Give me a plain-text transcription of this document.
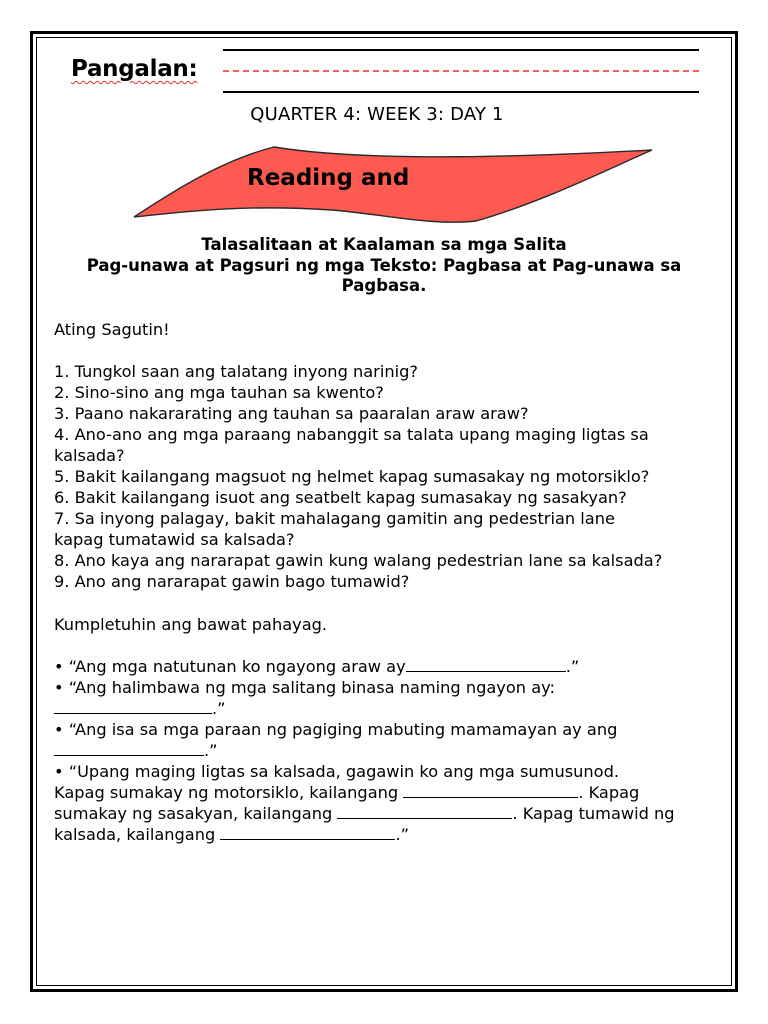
Pangalan:
QUARTER 4: WEEK 3: DAY 1
Reading and
Talasalitaan at Kaalaman sa mga Salita
Pag-unawa at Pagsuri ng mga Teksto: Pagbasa at Pag-unawa sa
Pagbasa.
Ating Sagutin!
1. Tungkol saan ang talatang inyong narinig?
2. Sino-sino ang mga tauhan sa kwento?
3. Paano nakararating ang tauhan sa paaralan araw araw?
4. Ano-ano ang mga paraang nabanggit sa talata upang maging ligtas sa
kalsada?
5. Bakit kailangang magsuot ng helmet kapag sumasakay ng motorsiklo?
6. Bakit kailangang isuot ang seatbelt kapag sumasakay ng sasakyan?
7. Sa inyong palagay, bakit mahalagang gamitin ang pedestrian lane
kapag tumatawid sa kalsada?
8. Ano kaya ang nararapat gawin kung walang pedestrian lane sa kalsada?
9. Ano ang nararapat gawin bago tumawid?
Kumpletuhin ang bawat pahayag.
• “Ang mga natutunan ko ngayong araw ay	.”
• “Ang halimbawa ng mga salitang binasa naming ngayon ay:
.”
• “Ang isa sa mga paraan ng pagiging mabuting mamamayan ay ang
.”
• “Upang maging ligtas sa kalsada, gagawin ko ang mga sumusunod.
Kapag sumakay ng motorsiklo, kailangang	. Kapag
sumakay ng sasakyan, kailangang	. Kapag tumawid ng
kalsada, kailangang	.”
